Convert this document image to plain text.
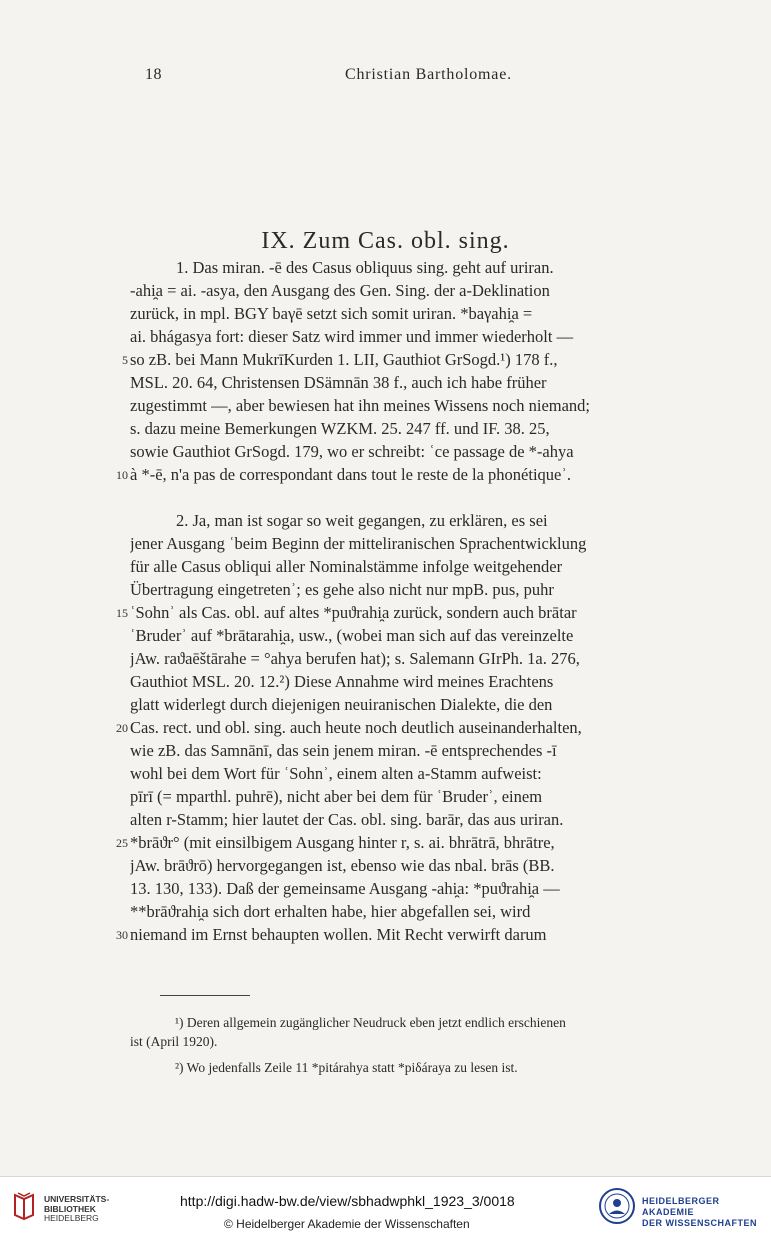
18	Christian Bartholomae.
IX. Zum Cas. obl. sing.
1. Das miran. -ē des Casus obliquus sing. geht auf uriran.
-ahi̯a = ai. -asya, den Ausgang des Gen. Sing. der a-Deklination
zurück, in mpl. BGY baγē setzt sich somit uriran. *baγahi̯a =
ai. bhágasya fort: dieser Satz wird immer und immer wiederholt —
so zB. bei Mann MukrīKurden 1. LII, Gauthiot GrSogd.¹) 178 f.,
MSL. 20. 64, Christensen DSämnān 38 f., auch ich habe früher
zugestimmt —, aber bewiesen hat ihn meines Wissens noch niemand;
s. dazu meine Bemerkungen WZKM. 25. 247 ff. und IF. 38. 25,
sowie Gauthiot GrSogd. 179, wo er schreibt: ʿce passage de *-ahya
à *-ē, n'a pas de correspondant dans tout le reste de la phonétiqueʾ.
2. Ja, man ist sogar so weit gegangen, zu erklären, es sei
jener Ausgang ʿbeim Beginn der mitteliranischen Sprachentwicklung
für alle Casus obliqui aller Nominalstämme infolge weitgehender
Übertragung eingetretenʾ; es gehe also nicht nur mpB. pus, puhr
ʿSohnʾ als Cas. obl. auf altes *puϑrahi̯a zurück, sondern auch brātar
ʿBruderʾ auf *brātarahi̯a, usw., (wobei man sich auf das vereinzelte
jAw. raϑaēštārahe = °ahya berufen hat); s. Salemann GIrPh. 1a. 276,
Gauthiot MSL. 20. 12.²) Diese Annahme wird meines Erachtens
glatt widerlegt durch diejenigen neuiranischen Dialekte, die den
Cas. rect. und obl. sing. auch heute noch deutlich auseinanderhalten,
wie zB. das Samnānī, das sein jenem miran. -ē entsprechendes -ī
wohl bei dem Wort für ʿSohnʾ, einem alten a-Stamm aufweist:
pīrī (= mparthl. puhrē), nicht aber bei dem für ʿBruderʾ, einem
alten r-Stamm; hier lautet der Cas. obl. sing. barār, das aus uriran.
*brāϑr° (mit einsilbigem Ausgang hinter r, s. ai. bhrātrā, bhrātre,
jAw. brāϑrō) hervorgegangen ist, ebenso wie das nbal. brās (BB.
13. 130, 133). Daß der gemeinsame Ausgang -ahi̯a: *puϑrahi̯a —
**brāϑrahi̯a sich dort erhalten habe, hier abgefallen sei, wird
niemand im Ernst behaupten wollen. Mit Recht verwirft darum
5
10
15
20
25
30
¹) Deren allgemein zugänglicher Neudruck eben jetzt endlich erschienen
ist (April 1920).
²) Wo jedenfalls Zeile 11 *pitárahya statt *piδáraya zu lesen ist.
UNIVERSITÄTS-
BIBLIOTHEK
HEIDELBERG
http://digi.hadw-bw.de/view/sbhadwphkl_1923_3/0018
© Heidelberger Akademie der Wissenschaften
HEIDELBERGER AKADEMIE
DER WISSENSCHAFTEN
